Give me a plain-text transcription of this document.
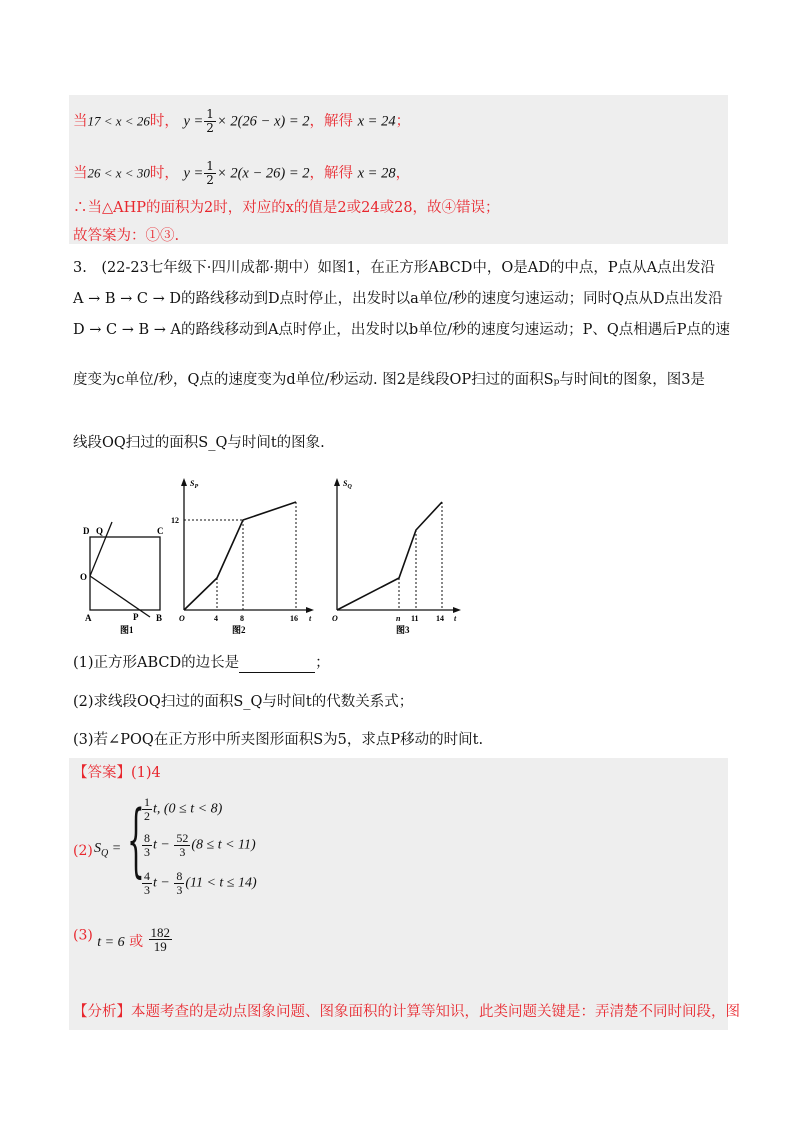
当17 < x < 26时， $y = \frac{1}{2} \times 2(26 - x) = 2$，解得 x = 24；
当26 < x < 30时， $y = \frac{1}{2} \times 2(x - 26) = 2$，解得 x = 28，
∴当△AHP的面积为2时，对应的x的值是2或24或28，故④错误；
故答案为：①③.
3.　(22-23七年级下·四川成都·期中）如图1，在正方形ABCD中，O是AD的中点，P点从A点出发沿
A → B → C → D的路线移动到D点时停止，出发时以a单位/秒的速度匀速运动；同时Q点从D点出发沿
D → C → B → A的路线移动到A点时停止，出发时以b单位/秒的速度匀速运动；P、Q点相遇后P点的速
度变为c单位/秒，Q点的速度变为d单位/秒运动. 图2是线段OP扫过的面积Sₚ与时间t的图象，图3是
线段OQ扫过的面积S_Q与时间t的图象.
D Q	C
O
A	P B
图1
$S_P$
12
O	4	8	16 t
图2
$S_Q$
O	n 11 14 t
图3
(1)正方形ABCD的边长是	；
(2)求线段OQ扫过的面积S_Q与时间t的代数关系式；
(3)若∠POQ在正方形中所夹图形面积S为5，求点P移动的时间t.
【答案】(1)4
(2) $S_Q$ = {
$\frac{1}{2} t$, (0 ≤ t < 8)
$\frac{8}{3}$ $t - \frac{52}{3} (8 \le t < 11)$
$\frac{4}{3}$ $t - \frac{8}{3} (11 < t \le 14)$
(3) t = 6 或 $\frac{182}{19}$
【分析】本题考查的是动点图象问题、图象面积的计算等知识，此类问题关键是：弄清楚不同时间段，图
